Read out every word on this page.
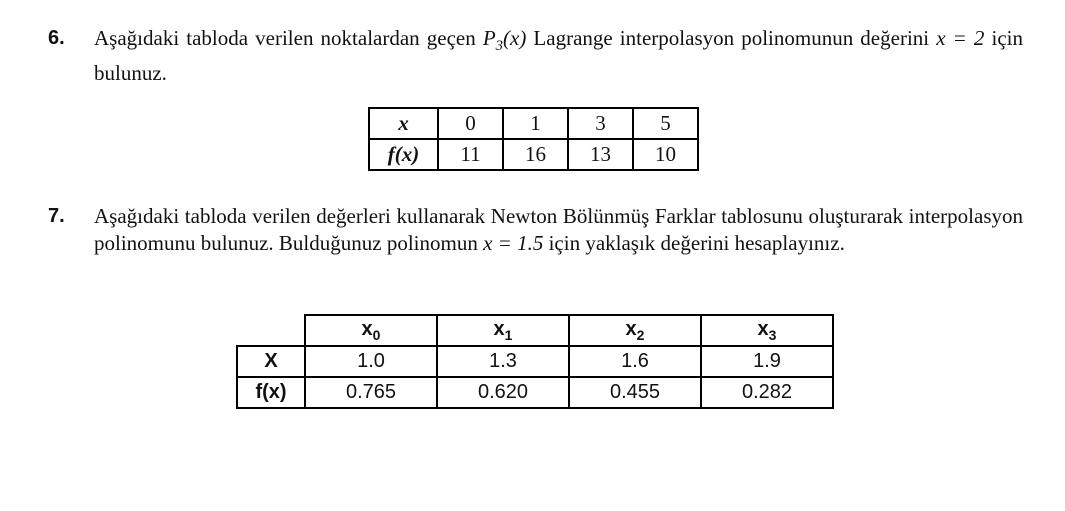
6. Aşağıdaki tabloda verilen noktalardan geçen $P_3(x)$ Lagrange interpolasyon polinomunun değerini x = 2 için bulunuz.
x	0	1	3	5
f(x)	11	16	13	10
7. Aşağıdaki tabloda verilen değerleri kullanarak Newton Bölünmüş Farklar tablosunu oluşturarak interpolasyon polinomunu bulunuz. Bulduğunuz polinomun x = 1.5 için yaklaşık değerini hesaplayınız.
	$x_0$	$x_1$	$x_2$	$x_3$
X	1.0	1.3	1.6	1.9
f(x)	0.765	0.620	0.455	0.282
